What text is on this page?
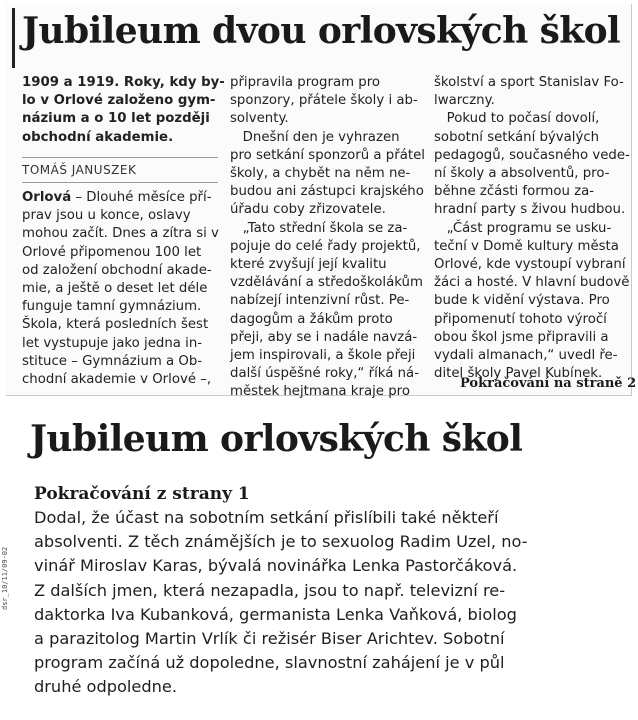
Jubileum dvou orlovských škol
1909 a 1919. Roky, kdy by-
lo v Orlové založeno gym-
názium a o 10 let později
obchodní akademie.
TOMÁŠ JANUSZEK
Orlová – Dlouhé měsíce pří-
prav jsou u konce, oslavy
mohou začít. Dnes a zítra si v
Orlové připomenou 100 let
od založení obchodní akade-
mie, a ještě o deset let déle
funguje tamní gymnázium.
Škola, která posledních šest
let vystupuje jako jedna in-
stituce – Gymnázium a Ob-
chodní akademie v Orlové –,
připravila program pro
sponzory, přátele školy i ab-
solventy.
Dnešní den je vyhrazen
pro setkání sponzorů a přátel
školy, a chybět na něm ne-
budou ani zástupci krajského
úřadu coby zřizovatele.
„Tato střední škola se za-
pojuje do celé řady projektů,
které zvyšují její kvalitu
vzdělávání a středoškolákům
nabízejí intenzivní růst. Pe-
dagogům a žákům proto
přeji, aby se i nadále navzá-
jem inspirovali, a škole přeji
další úspěšné roky,“ říká ná-
městek hejtmana kraje pro
školství a sport Stanislav Fo-
lwarczny.
Pokud to počasí dovolí,
sobotní setkání bývalých
pedagogů, současného vede-
ní školy a absolventů, pro-
běhne zčásti formou za-
hradní party s živou hudbou.
„Část programu se usku-
teční v Domě kultury města
Orlové, kde vystoupí vybraní
žáci a hosté. V hlavní budově
bude k vidění výstava. Pro
připomenutí tohoto výročí
obou škol jsme připravili a
vydali almanach,“ uvedl ře-
ditel školy Pavel Kubínek.
Pokračování na straně 2
Jubileum orlovských škol
Pokračování z strany 1
Dodal, že účast na sobotním setkání přislíbili také někteří
absolventi. Z těch známějších je to sexuolog Radim Uzel, no-
vinář Miroslav Karas, bývalá novinářka Lenka Pastorčáková.
Z dalších jmen, která nezapadla, jsou to např. televizní re-
daktorka Iva Kubanková, germanista Lenka Vaňková, biolog
a parazitolog Martin Vrlík či režisér Biser Arichtev. Sobotní
program začíná už dopoledne, slavnostní zahájení je v půl
druhé odpoledne.
dsr_10/11/09-02
